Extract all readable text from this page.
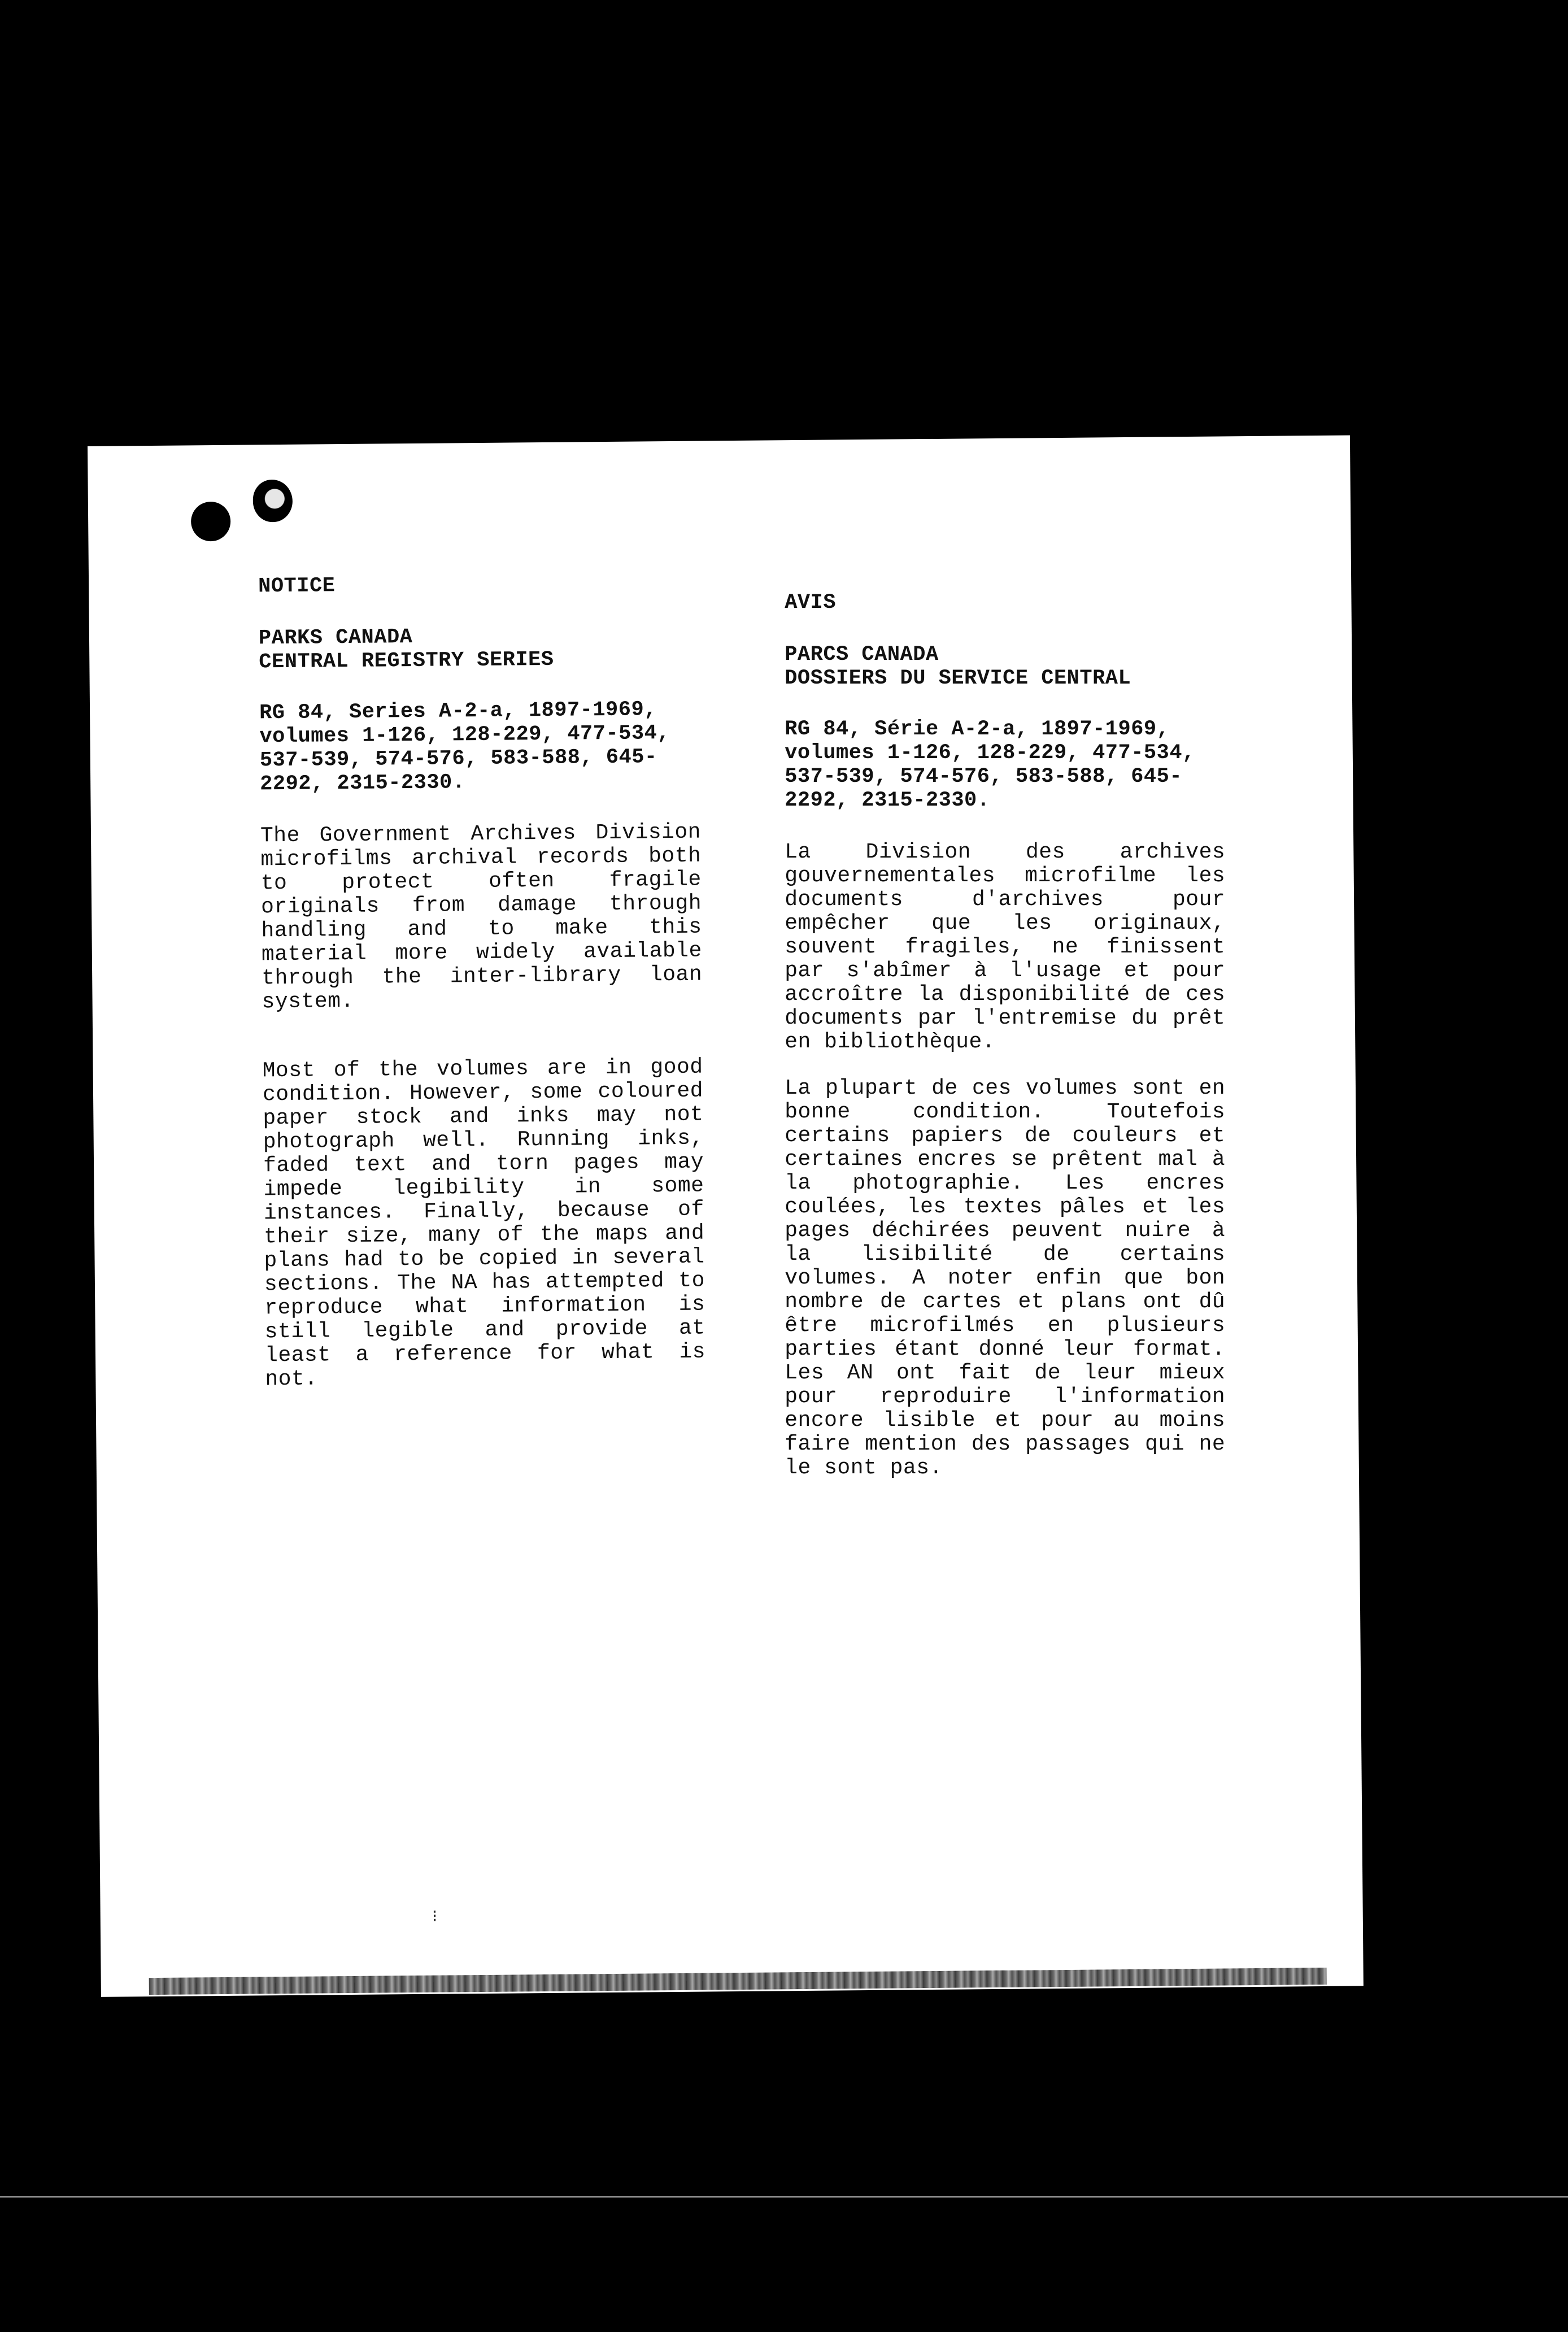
NOTICE

PARKS CANADA
CENTRAL REGISTRY SERIES

RG 84, Series A-2-a, 1897-1969, volumes 1-126, 128-229, 477-534, 537-539, 574-576, 583-588, 645-2292, 2315-2330.

The Government Archives Division microfilms archival records both to protect often fragile originals from damage through handling and to make this material more widely available through the inter-library loan system.

Most of the volumes are in good condition. However, some coloured paper stock and inks may not photograph well. Running inks, faded text and torn pages may impede legibility in some instances. Finally, because of their size, many of the maps and plans had to be copied in several sections. The NA has attempted to reproduce what information is still legible and provide at least a reference for what is not.

AVIS

PARCS CANADA
DOSSIERS DU SERVICE CENTRAL

RG 84, Série A-2-a, 1897-1969, volumes 1-126, 128-229, 477-534, 537-539, 574-576, 583-588, 645-2292, 2315-2330.

La Division des archives gouvernementales microfilme les documents d'archives pour empêcher que les originaux, souvent fragiles, ne finissent par s'abîmer à l'usage et pour accroître la disponibilité de ces documents par l'entremise du prêt en bibliothèque.

La plupart de ces volumes sont en bonne condition. Toutefois certains papiers de couleurs et certaines encres se prêtent mal à la photographie. Les encres coulées, les textes pâles et les pages déchirées peuvent nuire à la lisibilité de certains volumes. A noter enfin que bon nombre de cartes et plans ont dû être microfilmés en plusieurs parties étant donné leur format. Les AN ont fait de leur mieux pour reproduire l'information encore lisible et pour au moins faire mention des passages qui ne le sont pas.

⁝
